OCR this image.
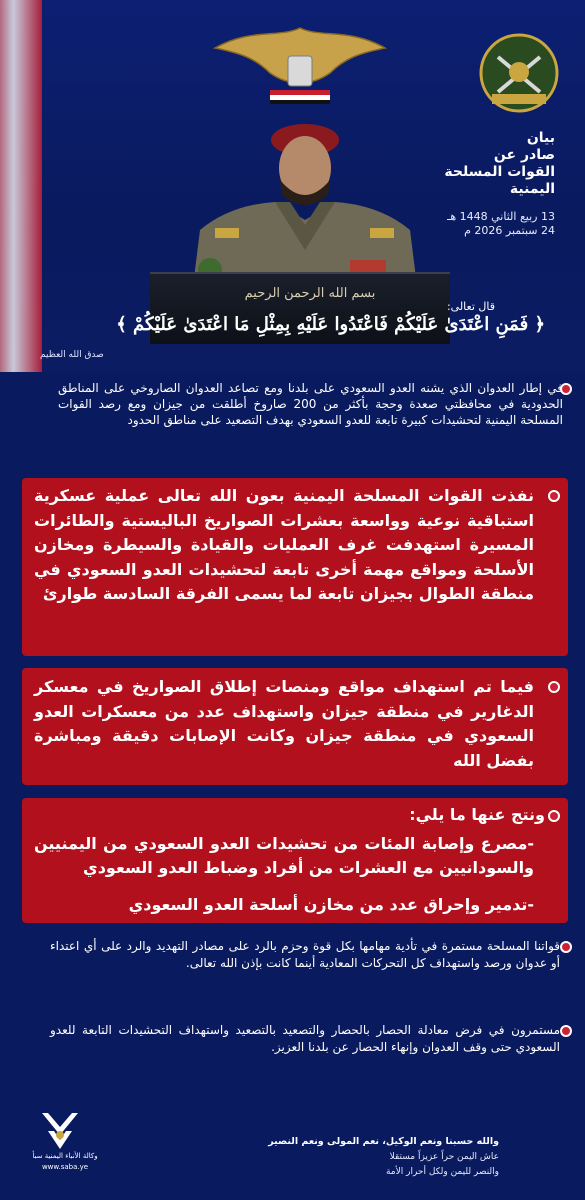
بيان
صادر عن
القوات المسلحة
اليمنية
13 ربيع الثاني 1448 هـ
24 سبتمبر 2026 م
بسم الله الرحمن الرحيم
قال تعالى:
﴿ فَمَنِ اعْتَدَىٰ عَلَيْكُمْ فَاعْتَدُوا عَلَيْهِ بِمِثْلِ مَا اعْتَدَىٰ عَلَيْكُمْ ﴾
صدق الله العظيم
في إطار العدوان الذي يشنه العدو السعودي على بلدنا ومع تصاعد العدوان الصاروخي على المناطق الحدودية في محافظتي صعدة وحجة بأكثر من 200 صاروخ أطلقت من جيزان ومع رصد القوات المسلحة اليمنية لتحشيدات كبيرة تابعة للعدو السعودي بهدف التصعيد على مناطق الحدود
نفذت القوات المسلحة اليمنية بعون الله تعالى عملية عسكرية استباقية نوعية وواسعة بعشرات الصواريخ الباليستية والطائرات المسيرة استهدفت غرف العمليات والقيادة والسيطرة ومخازن الأسلحة ومواقع مهمة أخرى تابعة لتحشيدات العدو السعودي في منطقة الطوال بجيزان تابعة لما يسمى الفرقة السادسة طوارئ
فيما تم استهداف مواقع ومنصات إطلاق الصواريخ في معسكر الدغارير في منطقة جيزان واستهداف عدد من معسكرات العدو السعودي في منطقة جيزان وكانت الإصابات دقيقة ومباشرة بفضل الله
ونتج عنها ما يلي:
-مصرع وإصابة المئات من تحشيدات العدو السعودي من اليمنيين والسودانيين مع العشرات من أفراد وضباط العدو السعودي
-تدمير وإحراق عدد من مخازن أسلحة العدو السعودي
قواتنا المسلحة مستمرة في تأدية مهامها بكل قوة وحزم بالرد على مصادر التهديد والرد على أي اعتداء أو عدوان ورصد واستهداف كل التحركات المعادية أينما كانت بإذن الله تعالى.
مستمرون في فرض معادلة الحصار بالحصار والتصعيد بالتصعيد واستهداف التحشيدات التابعة للعدو السعودي حتى وقف العدوان وإنهاء الحصار عن بلدنا العزيز.
والله حسبنا ونعم الوكيل، نعم المولى ونعم النصير
عاش اليمن حراً عزيزاً مستقلا
والنصر لليمن ولكل أحرار الأمة
وكالة الأنباء اليمنية سبأ
www.saba.ye
